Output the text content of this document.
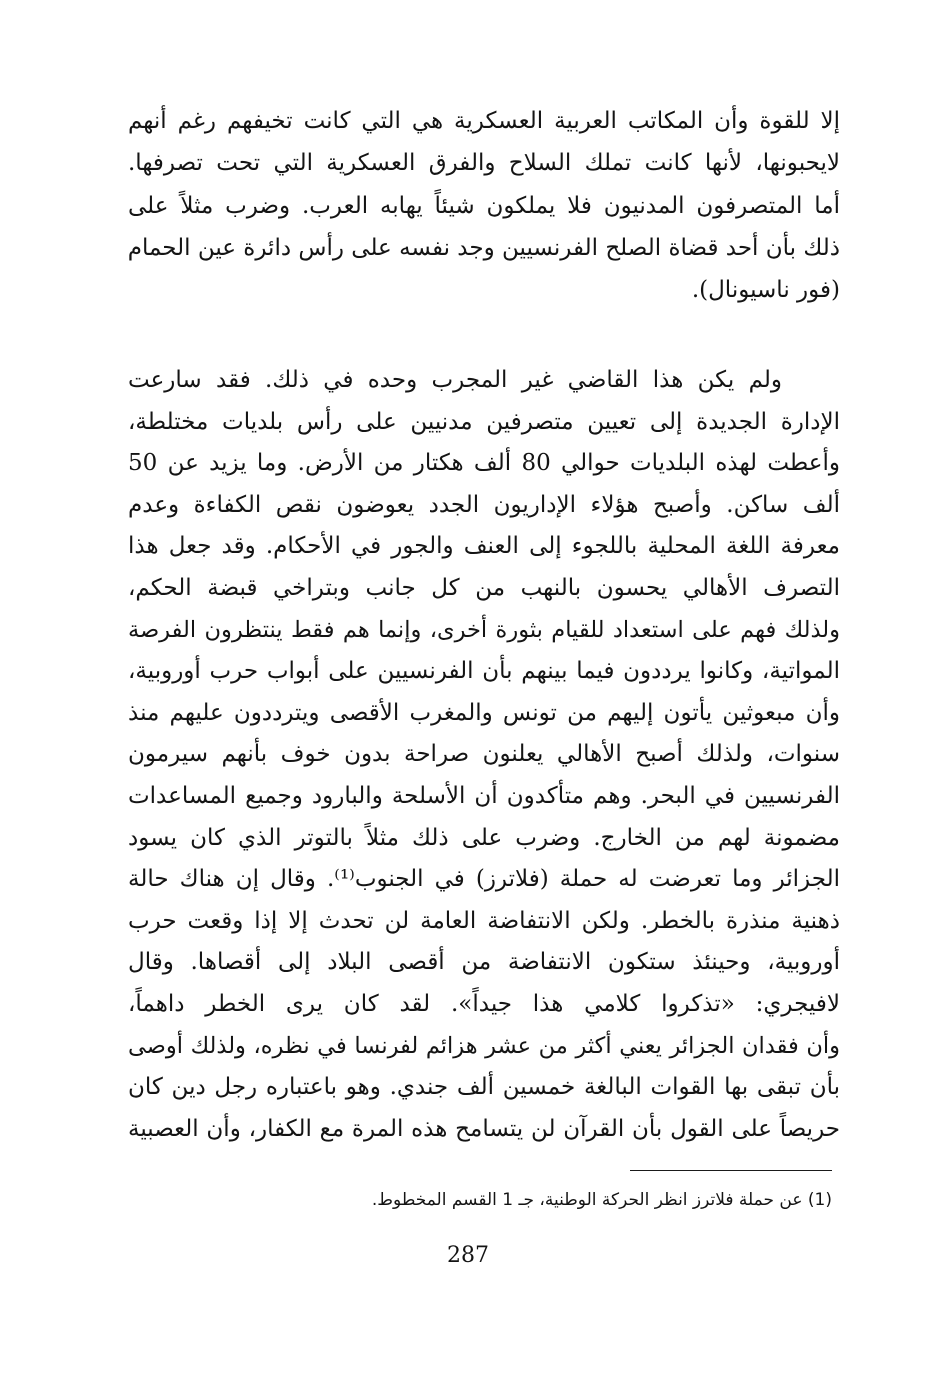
إلا للقوة وأن المكاتب العربية العسكرية هي التي كانت تخيفهم رغم أنهم
لايحبونها، لأنها كانت تملك السلاح والفرق العسكرية التي تحت تصرفها.
أما المتصرفون المدنيون فلا يملكون شيئاً يهابه العرب. وضرب مثلاً على
ذلك بأن أحد قضاة الصلح الفرنسيين وجد نفسه على رأس دائرة عين الحمام
(فور ناسيونال).
ولم يكن هذا القاضي غير المجرب وحده في ذلك. فقد سارعت
الإدارة الجديدة إلى تعيين متصرفين مدنيين على رأس بلديات مختلطة،
وأعطت لهذه البلديات حوالي 80 ألف هكتار من الأرض. وما يزيد عن 50
ألف ساكن. وأصبح هؤلاء الإداريون الجدد يعوضون نقص الكفاءة وعدم
معرفة اللغة المحلية باللجوء إلى العنف والجور في الأحكام. وقد جعل هذا
التصرف الأهالي يحسون بالنهب من كل جانب وبتراخي قبضة الحكم،
ولذلك فهم على استعداد للقيام بثورة أخرى، وإنما هم فقط ينتظرون الفرصة
المواتية، وكانوا يرددون فيما بينهم بأن الفرنسيين على أبواب حرب أوروبية،
وأن مبعوثين يأتون إليهم من تونس والمغرب الأقصى ويترددون عليهم منذ
سنوات، ولذلك أصبح الأهالي يعلنون صراحة بدون خوف بأنهم سيرمون
الفرنسيين في البحر. وهم متأكدون أن الأسلحة والبارود وجميع المساعدات
مضمونة لهم من الخارج. وضرب على ذلك مثلاً بالتوتر الذي كان يسود
الجزائر وما تعرضت له حملة (فلاترز) في الجنوب⁽¹⁾. وقال إن هناك حالة
ذهنية منذرة بالخطر. ولكن الانتفاضة العامة لن تحدث إلا إذا وقعت حرب
أوروبية، وحينئذ ستكون الانتفاضة من أقصى البلاد إلى أقصاها. وقال
لافيجري: «تذكروا كلامي هذا جيداً». لقد كان يرى الخطر داهماً،
وأن فقدان الجزائر يعني أكثر من عشر هزائم لفرنسا في نظره، ولذلك أوصى
بأن تبقى بها القوات البالغة خمسين ألف جندي. وهو باعتباره رجل دين كان
حريصاً على القول بأن القرآن لن يتسامح هذه المرة مع الكفار، وأن العصبية
(1) عن حملة فلاترز انظر الحركة الوطنية، جـ 1 القسم المخطوط.
287
